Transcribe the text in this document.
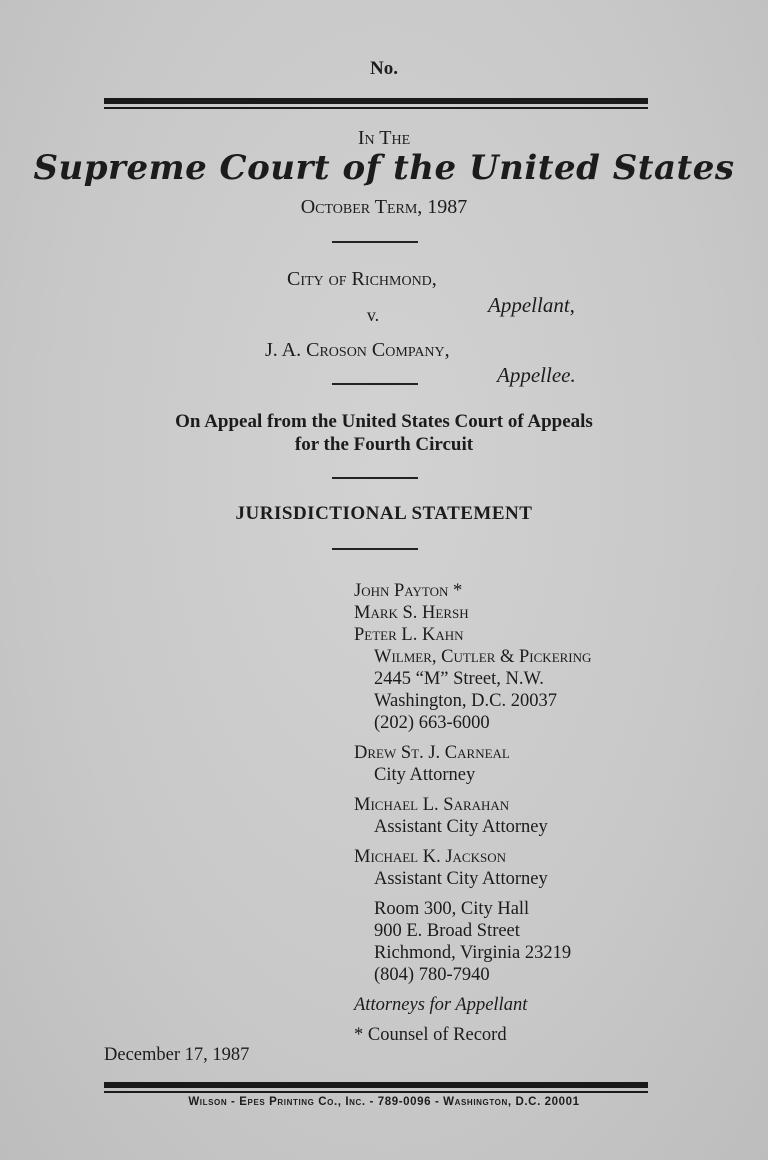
No.
In The
Supreme Court of the United States
October Term, 1987
City of Richmond,
Appellant,
v.
J. A. Croson Company,
Appellee.
On Appeal from the United States Court of Appeals
for the Fourth Circuit
JURISDICTIONAL STATEMENT
John Payton *
Mark S. Hersh
Peter L. Kahn
Wilmer, Cutler & Pickering
2445 “M” Street, N.W.
Washington, D.C. 20037
(202) 663-6000
Drew St. J. Carneal
City Attorney
Michael L. Sarahan
Assistant City Attorney
Michael K. Jackson
Assistant City Attorney
Room 300, City Hall
900 E. Broad Street
Richmond, Virginia 23219
(804) 780-7940
Attorneys for Appellant
* Counsel of Record
December 17, 1987
Wilson - Epes Printing Co., Inc. - 789-0096 - Washington, D.C. 20001
